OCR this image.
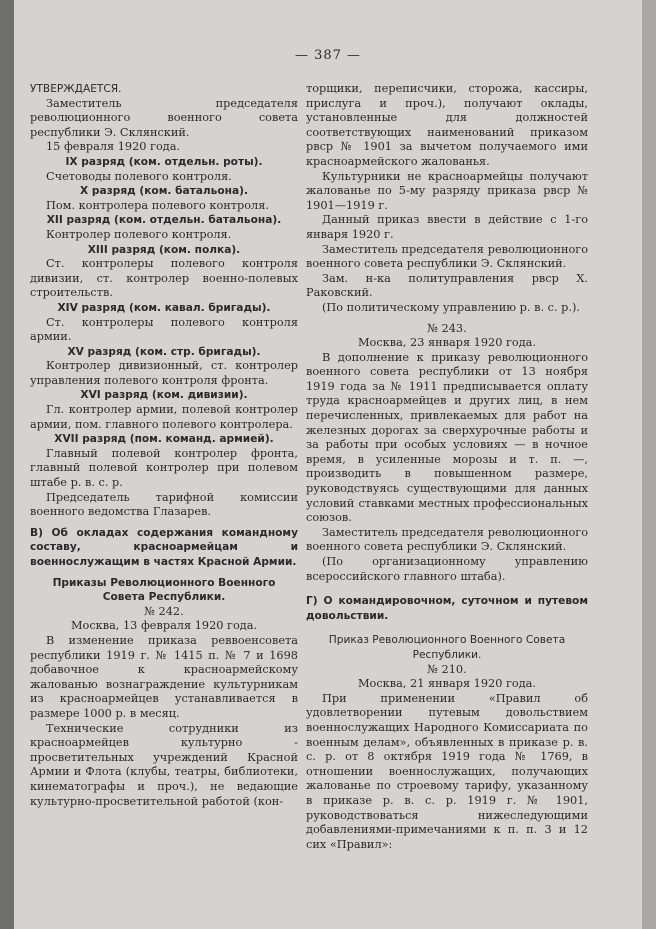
— 387 —

УТВЕРЖДАЕТСЯ.

Заместитель председателя революционного военного совета республики Э. Склянский.

15 февраля 1920 года.

IX разряд (ком. отдельн. роты).

Счетоводы полевого контроля.

X разряд (ком. батальона).

Пом. контролера полевого контроля.

XII разряд (ком. отдельн. батальона).

Контролер полевого контроля.

XIII разряд (ком. полка).

Ст. контролеры полевого контроля дивизии, ст. контролер военно-полевых строительств.

XIV разряд (ком. кавал. бригады).

Ст. контролеры полевого контроля армии.

XV разряд (ком. стр. бригады).

Контролер дивизионный, ст. контролер управления полевого контроля фронта.

XVI разряд (ком. дивизии).

Гл. контролер армии, полевой контролер армии, пом. главного полевого контролера.

XVII разряд (пом. команд. армией).

Главный полевой контролер фронта, главный полевой контролер при полевом штабе р. в. с. р.

Председатель тарифной комиссии военного ведомства Глазарев.

В) Об окладах содержания командному составу, красноармейцам и военнослужащим в частях Красной Армии.

Приказы Революционного Военного Совета Республики.

№ 242.

Москва, 13 февраля 1920 года.

В изменение приказа реввоенсовета республики 1919 г. № 1415 п. № 7 и 1698 добавочное к красноармейскому жалованью вознаграждение культурникам из красноармейцев устанавливается в размере 1000 р. в месяц.

Технические сотрудники из красноармейцев культурно - просветительных учреждений Красной Армии и Флота (клубы, театры, библиотеки, кинематографы и проч.), не ведающие культурно-просветительной работой (кон-

торщики, переписчики, сторожа, кассиры, прислуга и проч.), получают оклады, установленные для должностей соответствующих наименований приказом рвср № 1901 за вычетом получаемого ими красноармейского жалованья.

Культурники не красноармейцы получают жалованье по 5-му разряду приказа рвср № 1901—1919 г.

Данный приказ ввести в действие с 1-го января 1920 г.

Заместитель председателя революционного военного совета республики Э. Склянский.

Зам. н-ка политуправления рвср Х. Раковский.

(По политическому управлению р. в. с. р.).

№ 243.

Москва, 23 января 1920 года.

В дополнение к приказу революционного военного совета республики от 13 ноября 1919 года за № 1911 предписывается оплату труда красноармейцев и других лиц, в нем перечисленных, привлекаемых для работ на железных дорогах за сверхурочные работы и за работы при особых условиях — в ночное время, в усиленные морозы и т. п. —, производить в повышенном размере, руководствуясь существующими для данных условий ставками местных профессиональных союзов.

Заместитель председателя революционного военного совета республики Э. Склянский.

(По организационному управлению всероссийского главного штаба).

Г) О командировочном, суточном и путевом довольствии.

Приказ Революционного Военного Совета Республики.

№ 210.

Москва, 21 января 1920 года.

При применении «Правил об удовлетворении путевым довольствием военнослужащих Народного Комиссариата по военным делам», объявленных в приказе р. в. с. р. от 8 октября 1919 года № 1769, в отношении военнослужащих, получающих жалованье по строевому тарифу, указанному в приказе р. в. с. р. 1919 г. № 1901, руководствоваться нижеследующими добавлениями-примечаниями к п. п. 3 и 12 сих «Правил»:
